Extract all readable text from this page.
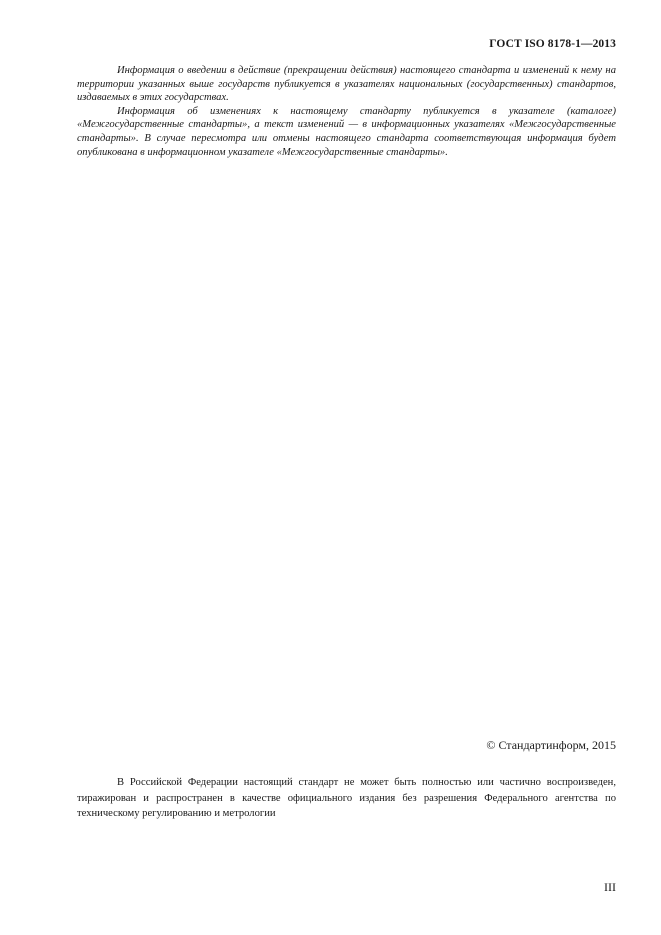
ГОСТ ISO 8178-1—2013

Информация о введении в действие (прекращении действия) настоящего стандарта и изменений к нему на территории указанных выше государств публикуется в указателях национальных (государственных) стандартов, издаваемых в этих государствах.

Информация об изменениях к настоящему стандарту публикуется в указателе (каталоге) «Межгосударственные стандарты», а текст изменений — в информационных указателях «Межгосударственные стандарты». В случае пересмотра или отмены настоящего стандарта соответствующая информация будет опубликована в информационном указателе «Межгосударственные стандарты».

© Стандартинформ, 2015

В Российской Федерации настоящий стандарт не может быть полностью или частично воспроизведен, тиражирован и распространен в качестве официального издания без разрешения Федерального агентства по техническому регулированию и метрологии

III
